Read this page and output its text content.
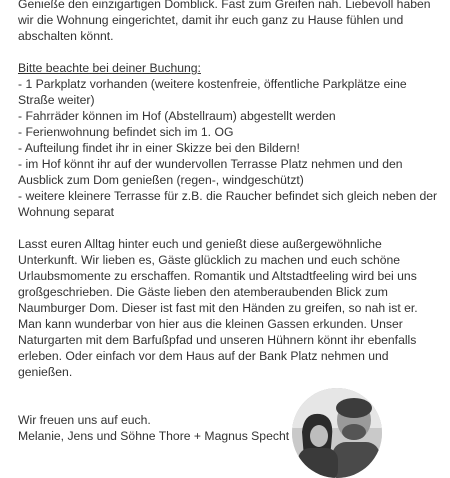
Genieße den einzigartigen Domblick. Fast zum Greifen nah. Liebevoll haben
wir die Wohnung eingerichtet, damit ihr euch ganz zu Hause fühlen und
abschalten könnt.
Bitte beachte bei deiner Buchung:
- 1 Parkplatz vorhanden (weitere kostenfreie, öffentliche Parkplätze eine
Straße weiter)
- Fahrräder können im Hof (Abstellraum) abgestellt werden
- Ferienwohnung befindet sich im 1. OG
- Aufteilung findet ihr in einer Skizze bei den Bildern!
- im Hof könnt ihr auf der wundervollen Terrasse Platz nehmen und den
Ausblick zum Dom genießen (regen-, windgeschützt)
- weitere kleinere Terrasse für z.B. die Raucher befindet sich gleich neben der
Wohnung separat
Lasst euren Alltag hinter euch und genießt diese außergewöhnliche
Unterkunft. Wir lieben es, Gäste glücklich zu machen und euch schöne
Urlaubsmomente zu erschaffen. Romantik und Altstadtfeeling wird bei uns
großgeschrieben. Die Gäste lieben den atemberaubenden Blick zum
Naumburger Dom. Dieser ist fast mit den Händen zu greifen, so nah ist er.
Man kann wunderbar von hier aus die kleinen Gassen erkunden. Unser
Naturgarten mit dem Barfußpfad und unseren Hühnern könnt ihr ebenfalls
erleben. Oder einfach vor dem Haus auf der Bank Platz nehmen und
genießen.
Wir freuen uns auf euch.
Melanie, Jens und Söhne Thore + Magnus Specht
